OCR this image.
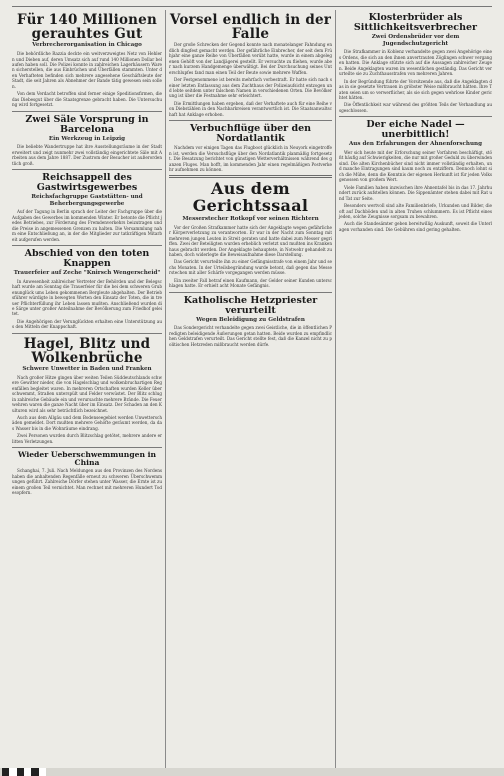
Für 140 Millionen gerauhtes Gut
Verbrecherorganisation in Chicago

Die behördliche Razzia deckte ein weitverzweigtes Netz von Hehlern und Dieben auf, deren Umsatz sich auf rund 140 Millionen Dollar belaufen haben soll. Die Polizei konnte in zahlreichen Lagerhäusern Waren sicherstellen, die aus Einbrüchen und Überfällen stammten. Unter den Verhafteten befinden sich mehrere angesehene Geschäftsleute der Stadt, die seit Jahren als Abnehmer der Bande tätig gewesen sein sollen.

Von dem Verdacht betroffen sind ferner einige Speditionsfirmen, die das Diebesgut über die Staatsgrenze gebracht haben. Die Untersuchung wird fortgesetzt.

Zwei Säle Vorsprung in Barcelona
Ein Werkzeug in Leipzig

Die beliebte Wandertruppe hat ihre Ausstellungsräume in der Stadt erweitert und zeigt nunmehr zwei vollständig eingerichtete Säle mit Arbeiten aus dem Jahre 1887. Der Zustrom der Besucher ist außerordentlich groß.

Reichsappell des Gastwirtsgewerbes
Reichsfachgruppe Gaststätten- und Beherbergungsgewerbe

Auf der Tagung in Berlin sprach der Leiter der Fachgruppe über die Aufgaben des Gewerbes im kommenden Winter. Er betonte die Pflicht jedes Betriebes, zur Förderung des Fremdenverkehrs beizutragen und die Preise in angemessenen Grenzen zu halten. Die Versammlung nahm eine Entschließung an, in der die Mitglieder zur tatkräftigen Mitarbeit aufgerufen werden.

Abschied von den toten Knappen
Trauerfeier auf Zeche "Knirsch Wengerscheid"

In Anwesenheit zahlreicher Vertreter der Behörden und der Belegschaft wurde am Sonntag die Trauerfeier für die bei dem schweren Grubenunglück ums Leben gekommenen Bergleute abgehalten. Der Betriebsführer würdigte in bewegten Worten den Einsatz der Toten, die in treuer Pflichterfüllung ihr Leben lassen mußten. Anschließend wurden die Särge unter großer Anteilnahme der Bevölkerung zum Friedhof geleitet.

Die Angehörigen der Verunglückten erhalten eine Unterstützung aus den Mitteln der Knappschaft.

Hagel, Blitz und Wolkenbrüche
Schwere Unwetter in Baden und Franken

Nach großer Hitze gingen über weiten Teilen Süddeutschlands schwere Gewitter nieder, die von Hagelschlag und wolkenbruchartigen Regenfällen begleitet waren. In mehreren Ortschaften wurden Keller überschwemmt, Straßen unterspült und Felder verwüstet. Der Blitz schlug in zahlreiche Gebäude ein und verursachte mehrere Brände. Die Feuerwehren waren die ganze Nacht über im Einsatz. Der Schaden an den Kulturen wird als sehr beträchtlich bezeichnet.

Auch aus dem Allgäu und dem Bodenseegebiet werden Unwetterschäden gemeldet. Dort mußten mehrere Gehöfte geräumt werden, da das Wasser bis in die Wohnräume eindrang.

Zwei Personen wurden durch Blitzschlag getötet, mehrere andere erlitten Verletzungen.

Wieder Ueberschwemmungen in China

Schanghai, 7. Juli. Nach Meldungen aus den Provinzen des Nordens haben die anhaltenden Regenfälle erneut zu schweren Überschwemmungen geführt. Zahlreiche Dörfer stehen unter Wasser, die Ernte ist zu einem großen Teil vernichtet. Man rechnet mit mehreren Hundert Todesopfern.

Vorsel endlich in der Falle

Der große Schrecken der Gegend konnte nach monatelanger Fahndung endlich dingfest gemacht werden. Der gefährliche Einbrecher, der seit dem Frühjahr eine ganze Reihe von Überfällen verübt hatte, wurde in einem abgelegenen Gehöft von der Landjägerei gestellt. Er versuchte zu fliehen, wurde aber nach kurzem Handgemenge überwältigt. Bei der Durchsuchung seines Unterschlupfes fand man einen Teil der Beute sowie mehrere Waffen.

Der Festgenommene ist bereits mehrfach vorbestraft. Er hatte sich nach seiner letzten Entlassung aus dem Zuchthaus der Polizeiaufsicht entzogen und lebte seitdem unter falschem Namen in verschiedenen Orten. Die Bevölkerung ist über die Festnahme sehr erleichtert.

Die Ermittlungen haben ergeben, daß der Verhaftete auch für eine Reihe von Diebstählen in den Nachbarkreisen verantwortlich ist. Die Staatsanwaltschaft hat Anklage erhoben.

Verbuchflüge über den Nordatlantik

Nachdem vor einigen Tagen das Flugboot glücklich in Neuyork eingetroffen ist, werden die Versuchsflüge über den Nordatlantik planmäßig fortgesetzt. Die Besatzung berichtet von günstigen Wetterverhältnissen während des ganzen Fluges. Man hofft, im kommenden Jahr einen regelmäßigen Postverkehr aufnehmen zu können.

Aus dem Gerichtssaal
Messerstecher Rotkopf vor seinen Richtern

Vor der Großen Strafkammer hatte sich der Angeklagte wegen gefährlicher Körperverletzung zu verantworten. Er war in der Nacht zum Sonntag mit mehreren jungen Leuten in Streit geraten und hatte dabei zum Messer gegriffen. Zwei der Beteiligten wurden erheblich verletzt und mußten ins Krankenhaus gebracht werden. Der Angeklagte behauptete, in Notwehr gehandelt zu haben, doch widerlegte die Beweisaufnahme diese Darstellung.

Das Gericht verurteilte ihn zu einer Gefängnisstrafe von einem Jahr und sechs Monaten. In der Urteilsbegründung wurde betont, daß gegen das Messerstechen mit aller Schärfe vorgegangen werden müsse.

Ein zweiter Fall betraf einen Kaufmann, der Gelder seiner Kunden unterschlagen hatte. Er erhielt acht Monate Gefängnis.

Katholische Hetzpriester verurteilt
Wegen Beleidigung zu Geldstrafen

Das Sondergericht verhandelte gegen zwei Geistliche, die in öffentlichen Predigten beleidigende Äußerungen getan hatten. Beide wurden zu empfindlichen Geldstrafen verurteilt. Das Gericht stellte fest, daß die Kanzel nicht zu politischen Hetzreden mißbraucht werden dürfe.

Klosterbrüder als Sittlichkeitsverbrecher
Zwei Ordensbrüder vor dem Jugendschutzgericht

Die Strafkammer in Koblenz verhandelte gegen zwei Angehörige eines Ordens, die sich an den ihnen anvertrauten Zöglingen schwer vergangen hatten. Die Anklage stützte sich auf die Aussagen zahlreicher Zeugen. Beide Angeklagten waren im wesentlichen geständig. Das Gericht verurteilte sie zu Zuchthausstrafen von mehreren Jahren.

In der Begründung führte der Vorsitzende aus, daß die Angeklagten das in sie gesetzte Vertrauen in gröbster Weise mißbraucht hätten. Ihre Taten seien um so verwerflicher, als sie sich gegen wehrlose Kinder gerichtet hätten.

Die Öffentlichkeit war während des größten Teils der Verhandlung ausgeschlossen.

Der eiche Nadel — unerbittlich!
Aus den Erfahrungen der Ahnenforschung

Wer sich heute mit der Erforschung seiner Vorfahren beschäftigt, stößt häufig auf Schwierigkeiten, die nur mit großer Geduld zu überwinden sind. Die alten Kirchenbücher sind nicht immer vollständig erhalten, und manche Eintragungen sind kaum noch zu entziffern. Dennoch lohnt sich die Mühe, denn die Kenntnis der eigenen Herkunft ist für jeden Volksgenossen von großem Wert.

Viele Familien haben inzwischen ihre Ahnentafel bis in das 17. Jahrhundert zurück aufstellen können. Die Sippenämter stehen dabei mit Rat und Tat zur Seite.

Besonders wertvoll sind alte Familienbriefe, Urkunden und Bilder, die oft auf Dachböden und in alten Truhen schlummern. Es ist Pflicht eines jeden, solche Zeugnisse sorgsam zu bewahren.

Auch die Standesämter geben bereitwillig Auskunft, soweit die Unterlagen vorhanden sind. Die Gebühren sind gering gehalten.
